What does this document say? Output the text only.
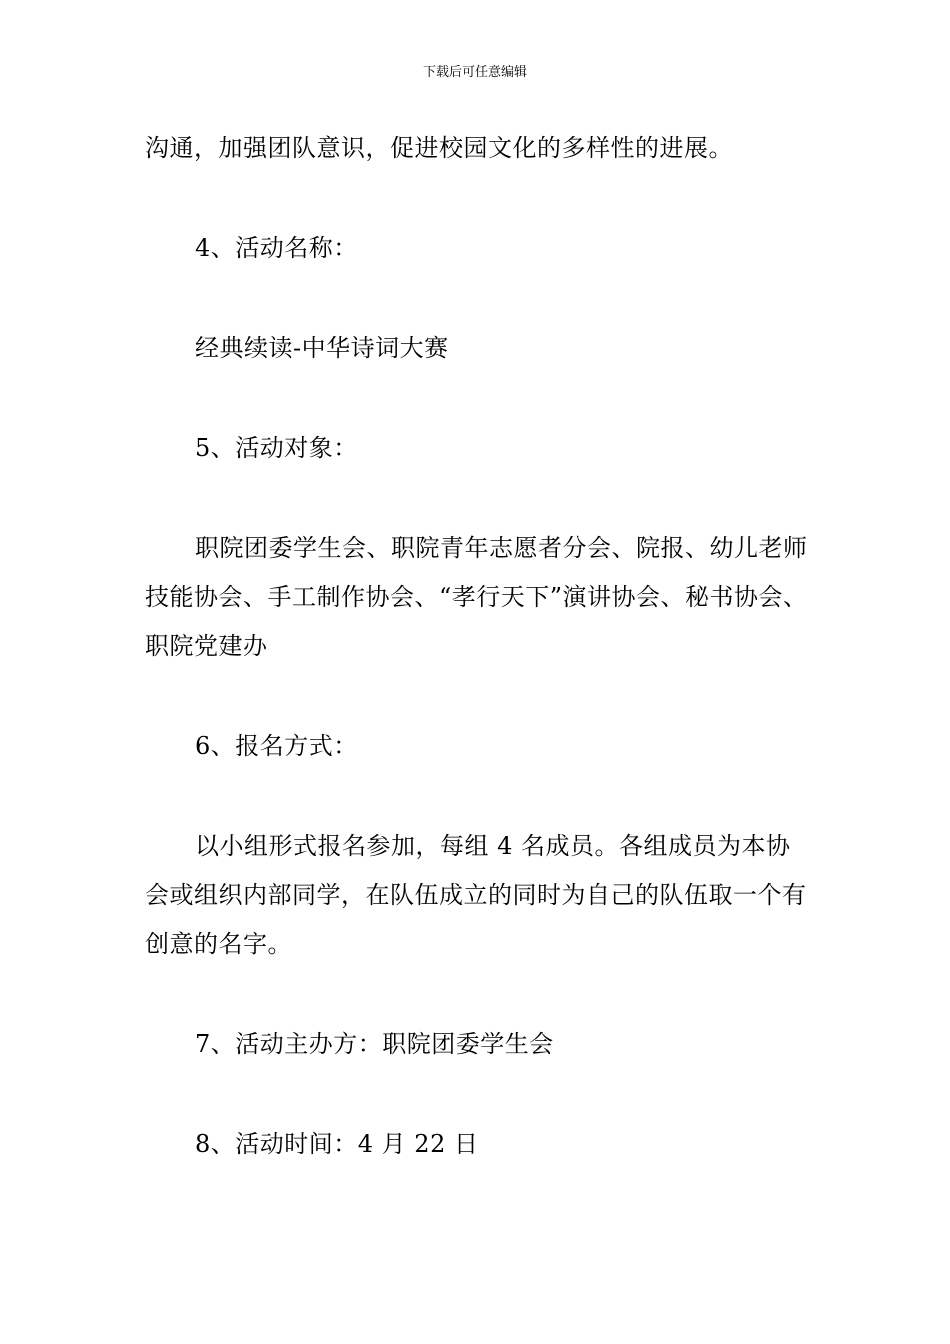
下载后可任意编辑

沟通，加强团队意识，促进校园文化的多样性的进展。

4、活动名称：

经典续读-中华诗词大赛

5、活动对象：

职院团委学生会、职院青年志愿者分会、院报、幼儿老师技能协会、手工制作协会、“孝行天下”演讲协会、秘书协会、职院党建办

6、报名方式：

以小组形式报名参加，每组 4 名成员。各组成员为本协会或组织内部同学，在队伍成立的同时为自己的队伍取一个有创意的名字。

7、活动主办方：职院团委学生会

8、活动时间：4 月 22 日
